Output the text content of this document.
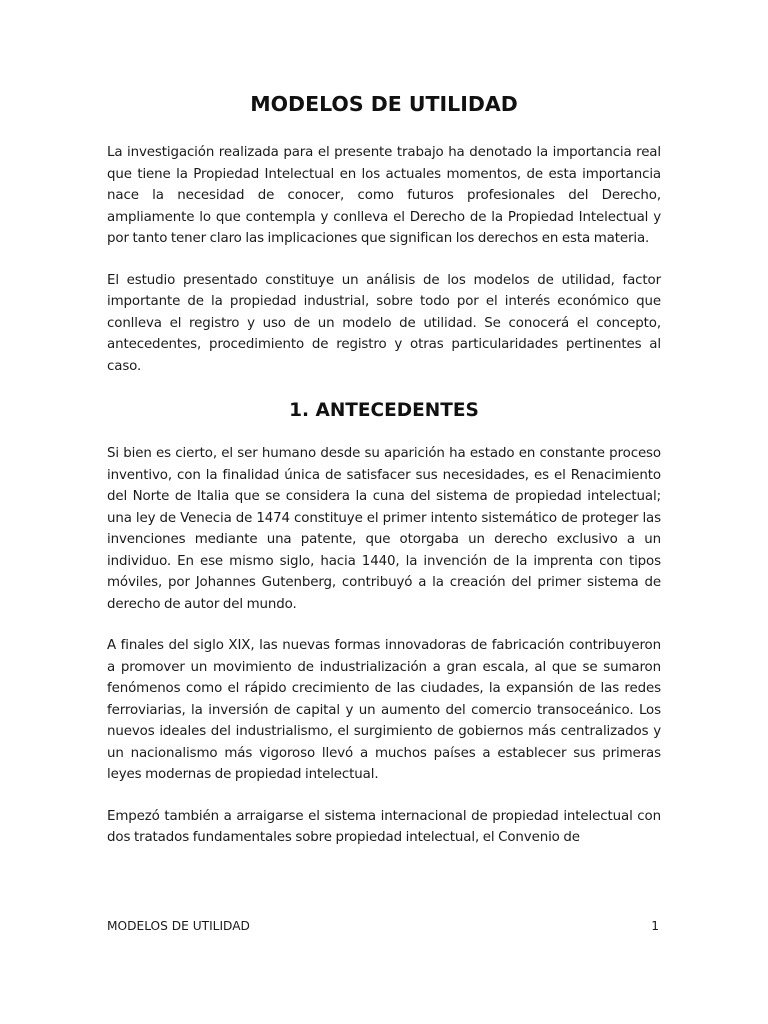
MODELOS DE UTILIDAD

La investigación realizada para el presente trabajo ha denotado la importancia real que tiene la Propiedad Intelectual en los actuales momentos, de esta importancia nace la necesidad de conocer, como futuros profesionales del Derecho, ampliamente lo que contempla y conlleva el Derecho de la Propiedad Intelectual y por tanto tener claro las implicaciones que significan los derechos en esta materia.

El estudio presentado constituye un análisis de los modelos de utilidad, factor importante de la propiedad industrial, sobre todo por el interés económico que conlleva el registro y uso de un modelo de utilidad. Se conocerá el concepto, antecedentes, procedimiento de registro y otras particularidades pertinentes al caso.

1. ANTECEDENTES

Si bien es cierto, el ser humano desde su aparición ha estado en constante proceso inventivo, con la finalidad única de satisfacer sus necesidades, es el Renacimiento del Norte de Italia que se considera la cuna del sistema de propiedad intelectual; una ley de Venecia de 1474 constituye el primer intento sistemático de proteger las invenciones mediante una patente, que otorgaba un derecho exclusivo a un individuo. En ese mismo siglo, hacia 1440, la invención de la imprenta con tipos móviles, por Johannes Gutenberg, contribuyó a la creación del primer sistema de derecho de autor del mundo.

A finales del siglo XIX, las nuevas formas innovadoras de fabricación contribuyeron a promover un movimiento de industrialización a gran escala, al que se sumaron fenómenos como el rápido crecimiento de las ciudades, la expansión de las redes ferroviarias, la inversión de capital y un aumento del comercio transoceánico. Los nuevos ideales del industrialismo, el surgimiento de gobiernos más centralizados y un nacionalismo más vigoroso llevó a muchos países a establecer sus primeras leyes modernas de propiedad intelectual.

Empezó también a arraigarse el sistema internacional de propiedad intelectual con dos tratados fundamentales sobre propiedad intelectual, el Convenio de

MODELOS DE UTILIDAD	1
